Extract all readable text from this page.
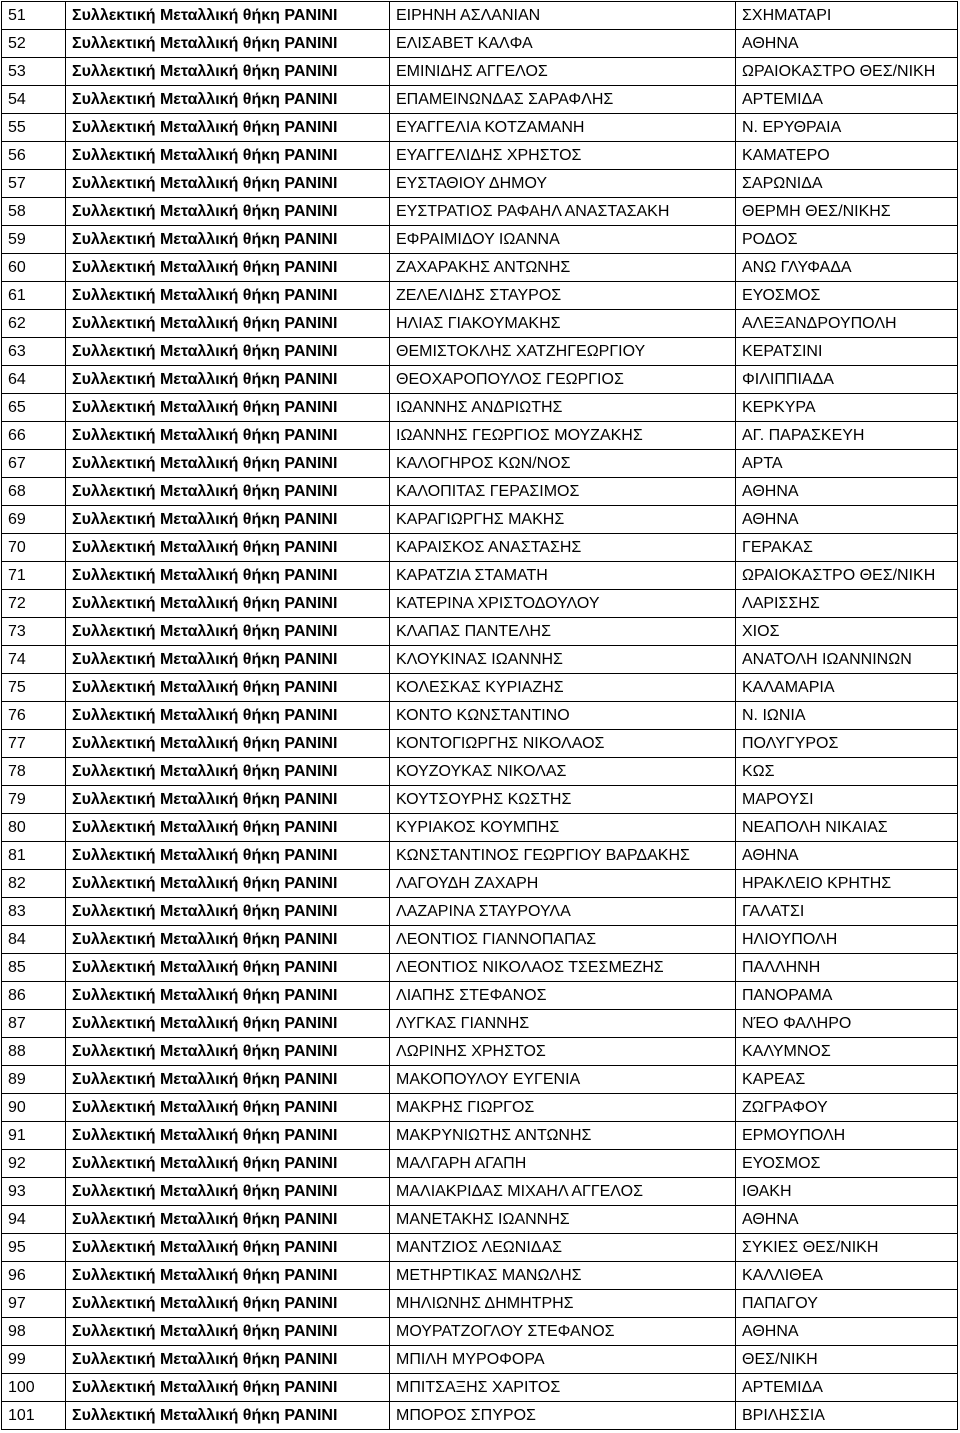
51	Συλλεκτική Μεταλλική θήκη PANINI	ΕΙΡΗΝΗ ΑΣΛΑΝΙΑΝ	ΣΧΗΜΑΤΑΡΙ
52	Συλλεκτική Μεταλλική θήκη PANINI	ΕΛΙΣΑΒΕΤ ΚΑΛΦΑ	ΑΘΗΝΑ
53	Συλλεκτική Μεταλλική θήκη PANINI	ΕΜΙΝΙΔΗΣ ΑΓΓΕΛΟΣ	ΩΡΑΙΟΚΑΣΤΡΟ ΘΕΣ/ΝΙΚΗ
54	Συλλεκτική Μεταλλική θήκη PANINI	ΕΠΑΜΕΙΝΩΝΔΑΣ ΣΑΡΑΦΛΗΣ	ΑΡΤΕΜΙΔΑ
55	Συλλεκτική Μεταλλική θήκη PANINI	ΕΥΑΓΓΕΛΙΑ ΚΟΤΖΑΜΑΝΗ	Ν. ΕΡΥΘΡΑΙΑ
56	Συλλεκτική Μεταλλική θήκη PANINI	ΕΥΑΓΓΕΛΙΔΗΣ ΧΡΗΣΤΟΣ	ΚΑΜΑΤΕΡΟ
57	Συλλεκτική Μεταλλική θήκη PANINI	ΕΥΣΤΑΘΙΟΥ ΔΗΜΟΥ	ΣΑΡΩΝΙΔΑ
58	Συλλεκτική Μεταλλική θήκη PANINI	ΕΥΣΤΡΑΤΙΟΣ ΡΑΦΑΗΛ ΑΝΑΣΤΑΣΑΚΗ	ΘΕΡΜΗ ΘΕΣ/ΝΙΚΗΣ
59	Συλλεκτική Μεταλλική θήκη PANINI	ΕΦΡΑΙΜΙΔΟΥ ΙΩΑΝΝΑ	ΡΟΔΟΣ
60	Συλλεκτική Μεταλλική θήκη PANINI	ΖΑΧΑΡΑΚΗΣ ΑΝΤΩΝΗΣ	ΑΝΩ ΓΛΥΦΑΔΑ
61	Συλλεκτική Μεταλλική θήκη PANINI	ΖΕΛΕΛΙΔΗΣ ΣΤΑΥΡΟΣ	ΕΥΟΣΜΟΣ
62	Συλλεκτική Μεταλλική θήκη PANINI	ΗΛΙΑΣ ΓΙΑΚΟΥΜΑΚΗΣ	ΑΛΕΞΑΝΔΡΟΥΠΟΛΗ
63	Συλλεκτική Μεταλλική θήκη PANINI	ΘΕΜΙΣΤΟΚΛΗΣ ΧΑΤΖΗΓΕΩΡΓΙΟΥ	ΚΕΡΑΤΣΙΝΙ
64	Συλλεκτική Μεταλλική θήκη PANINI	ΘΕΟΧΑΡΟΠΟΥΛΟΣ ΓΕΩΡΓΙΟΣ	ΦΙΛΙΠΠΙΑΔΑ
65	Συλλεκτική Μεταλλική θήκη PANINI	ΙΩΑΝΝΗΣ ΑΝΔΡΙΩΤΗΣ	ΚΕΡΚΥΡΑ
66	Συλλεκτική Μεταλλική θήκη PANINI	ΙΩΑΝΝΗΣ ΓΕΩΡΓΙΟΣ ΜΟΥΖΑΚΗΣ	ΑΓ. ΠΑΡΑΣΚΕΥΗ
67	Συλλεκτική Μεταλλική θήκη PANINI	ΚΑΛΟΓΗΡΟΣ ΚΩΝ/ΝΟΣ	ΑΡΤΑ
68	Συλλεκτική Μεταλλική θήκη PANINI	ΚΑΛΟΠΙΤΑΣ ΓΕΡΑΣΙΜΟΣ	ΑΘΗΝΑ
69	Συλλεκτική Μεταλλική θήκη PANINI	ΚΑΡΑΓΙΩΡΓΗΣ ΜΑΚΗΣ	ΑΘΗΝΑ
70	Συλλεκτική Μεταλλική θήκη PANINI	ΚΑΡΑΙΣΚΟΣ ΑΝΑΣΤΑΣΗΣ	ΓΕΡΑΚΑΣ
71	Συλλεκτική Μεταλλική θήκη PANINI	ΚΑΡΑΤΖΙΑ ΣΤΑΜΑΤΗ	ΩΡΑΙΟΚΑΣΤΡΟ ΘΕΣ/ΝΙΚΗ
72	Συλλεκτική Μεταλλική θήκη PANINI	ΚΑΤΕΡΙΝΑ ΧΡΙΣΤΟΔΟΥΛΟΥ	ΛΑΡΙΣΣΗΣ
73	Συλλεκτική Μεταλλική θήκη PANINI	ΚΛΑΠΑΣ ΠΑΝΤΕΛΗΣ	ΧΙΟΣ
74	Συλλεκτική Μεταλλική θήκη PANINI	ΚΛΟΥΚΙΝΑΣ ΙΩΑΝΝΗΣ	ΑΝΑΤΟΛΗ ΙΩΑΝΝΙΝΩΝ
75	Συλλεκτική Μεταλλική θήκη PANINI	ΚΟΛΕΣΚΑΣ ΚΥΡΙΑΖΗΣ	ΚΑΛΑΜΑΡΙΑ
76	Συλλεκτική Μεταλλική θήκη PANINI	ΚΟΝΤΟ ΚΩΝΣΤΑΝΤΙΝΟ	Ν. ΙΩΝΙΑ
77	Συλλεκτική Μεταλλική θήκη PANINI	ΚΟΝΤΟΓΙΩΡΓΗΣ ΝΙΚΟΛΑΟΣ	ΠΟΛΥΓΥΡΟΣ
78	Συλλεκτική Μεταλλική θήκη PANINI	ΚΟΥΖΟΥΚΑΣ ΝΙΚΟΛΑΣ	ΚΩΣ
79	Συλλεκτική Μεταλλική θήκη PANINI	ΚΟΥΤΣΟΥΡΗΣ ΚΩΣΤΗΣ	ΜΑΡΟΥΣΙ
80	Συλλεκτική Μεταλλική θήκη PANINI	ΚΥΡΙΑΚΟΣ ΚΟΥΜΠΗΣ	ΝΕΑΠΟΛΗ ΝΙΚΑΙΑΣ
81	Συλλεκτική Μεταλλική θήκη PANINI	ΚΩΝΣΤΑΝΤΙΝΟΣ ΓΕΩΡΓΙΟΥ ΒΑΡΔΑΚΗΣ	ΑΘΗΝΑ
82	Συλλεκτική Μεταλλική θήκη PANINI	ΛΑΓΟΥΔΗ ΖΑΧΑΡΗ	ΗΡΑΚΛΕΙΟ ΚΡΗΤΗΣ
83	Συλλεκτική Μεταλλική θήκη PANINI	ΛΑΖΑΡΙΝΑ ΣΤΑΥΡΟΥΛΑ	ΓΑΛΑΤΣΙ
84	Συλλεκτική Μεταλλική θήκη PANINI	ΛΕΟΝΤΙΟΣ ΓΙΑΝΝΟΠΑΠΑΣ	ΗΛΙΟΥΠΟΛΗ
85	Συλλεκτική Μεταλλική θήκη PANINI	ΛΕΟΝΤΙΟΣ ΝΙΚΟΛΑΟΣ ΤΣΕΣΜΕΖΗΣ	ΠΑΛΛΗΝΗ
86	Συλλεκτική Μεταλλική θήκη PANINI	ΛΙΑΠΗΣ ΣΤΕΦΑΝΟΣ	ΠΑΝΟΡΑΜΑ
87	Συλλεκτική Μεταλλική θήκη PANINI	ΛΥΓΚΑΣ ΓΙΑΝΝΗΣ	ΝΈΟ ΦΑΛΗΡΟ
88	Συλλεκτική Μεταλλική θήκη PANINI	ΛΩΡΙΝΗΣ ΧΡΗΣΤΟΣ	ΚΑΛΥΜΝΟΣ
89	Συλλεκτική Μεταλλική θήκη PANINI	ΜΑΚΟΠΟΥΛΟΥ ΕΥΓΕΝΙΑ	ΚΑΡΕΑΣ
90	Συλλεκτική Μεταλλική θήκη PANINI	ΜΑΚΡΗΣ ΓΙΩΡΓΟΣ	ΖΩΓΡΑΦΟΥ
91	Συλλεκτική Μεταλλική θήκη PANINI	ΜΑΚΡΥΝΙΩΤΗΣ ΑΝΤΩΝΗΣ	ΕΡΜΟΥΠΟΛΗ
92	Συλλεκτική Μεταλλική θήκη PANINI	ΜΑΛΓΑΡΗ ΑΓΑΠΗ	ΕΥΟΣΜΟΣ
93	Συλλεκτική Μεταλλική θήκη PANINI	ΜΑΛΙΑΚΡΙΔΑΣ ΜΙΧΑΗΛ ΑΓΓΕΛΟΣ	ΙΘΑΚΗ
94	Συλλεκτική Μεταλλική θήκη PANINI	ΜΑΝΕΤΑΚΗΣ ΙΩΑΝΝΗΣ	ΑΘΗΝΑ
95	Συλλεκτική Μεταλλική θήκη PANINI	ΜΑΝΤΖΙΟΣ ΛΕΩΝΙΔΑΣ	ΣΥΚΙΕΣ ΘΕΣ/ΝΙΚΗ
96	Συλλεκτική Μεταλλική θήκη PANINI	ΜΕΤΗΡΤΙΚΑΣ ΜΑΝΩΛΗΣ	ΚΑΛΛΙΘΕΑ
97	Συλλεκτική Μεταλλική θήκη PANINI	ΜΗΛΙΩΝΗΣ ΔΗΜΗΤΡΗΣ	ΠΑΠΑΓΟΥ
98	Συλλεκτική Μεταλλική θήκη PANINI	ΜΟΥΡΑΤΖΟΓΛΟΥ ΣΤΕΦΑΝΟΣ	ΑΘΗΝΑ
99	Συλλεκτική Μεταλλική θήκη PANINI	ΜΠΙΛΗ ΜΥΡΟΦΟΡΑ	ΘΕΣ/ΝΙΚΗ
100	Συλλεκτική Μεταλλική θήκη PANINI	ΜΠΙΤΣΑΞΗΣ ΧΑΡΙΤΟΣ	ΑΡΤΕΜΙΔΑ
101	Συλλεκτική Μεταλλική θήκη PANINI	ΜΠΟΡΟΣ ΣΠΥΡΟΣ	ΒΡΙΛΗΣΣΙΑ
